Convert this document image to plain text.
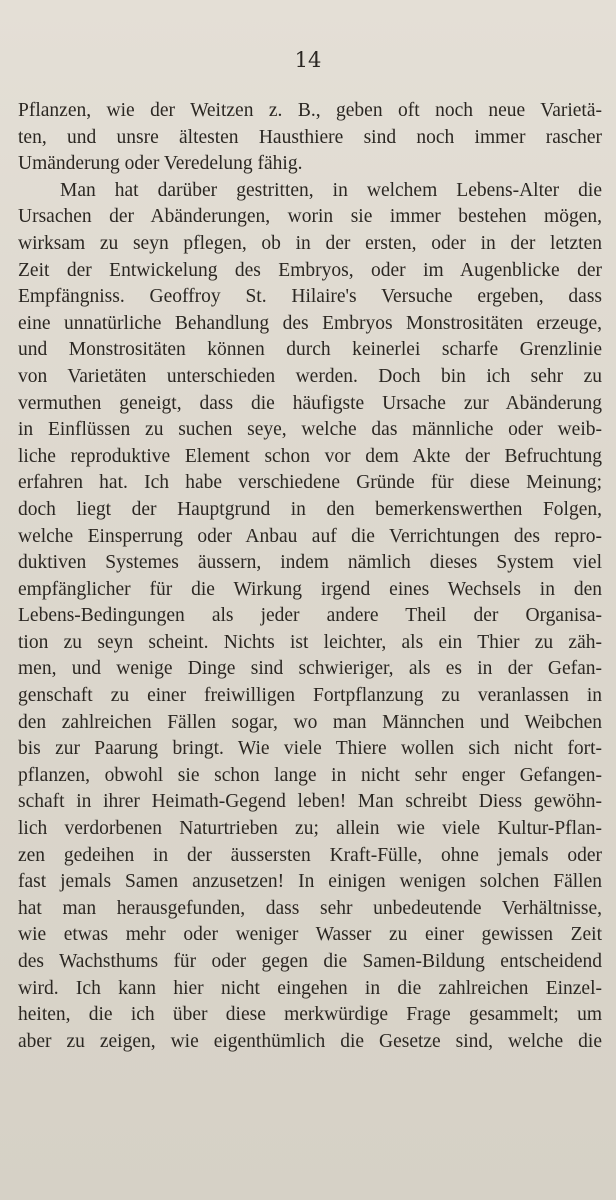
14
Pflanzen, wie der Weitzen z. B., geben oft noch neue Varietä-
ten, und unsre ältesten Hausthiere sind noch immer rascher
Umänderung oder Veredelung fähig.
Man hat darüber gestritten, in welchem Lebens-Alter die
Ursachen der Abänderungen, worin sie immer bestehen mögen,
wirksam zu seyn pflegen, ob in der ersten, oder in der letzten
Zeit der Entwickelung des Embryos, oder im Augenblicke der
Empfängniss. Geoffroy St. Hilaire's Versuche ergeben, dass
eine unnatürliche Behandlung des Embryos Monstrositäten erzeuge,
und Monstrositäten können durch keinerlei scharfe Grenzlinie
von Varietäten unterschieden werden. Doch bin ich sehr zu
vermuthen geneigt, dass die häufigste Ursache zur Abänderung
in Einflüssen zu suchen seye, welche das männliche oder weib-
liche reproduktive Element schon vor dem Akte der Befruchtung
erfahren hat. Ich habe verschiedene Gründe für diese Meinung;
doch liegt der Hauptgrund in den bemerkenswerthen Folgen,
welche Einsperrung oder Anbau auf die Verrichtungen des repro-
duktiven Systemes äussern, indem nämlich dieses System viel
empfänglicher für die Wirkung irgend eines Wechsels in den
Lebens-Bedingungen als jeder andere Theil der Organisa-
tion zu seyn scheint. Nichts ist leichter, als ein Thier zu zäh-
men, und wenige Dinge sind schwieriger, als es in der Gefan-
genschaft zu einer freiwilligen Fortpflanzung zu veranlassen in
den zahlreichen Fällen sogar, wo man Männchen und Weibchen
bis zur Paarung bringt. Wie viele Thiere wollen sich nicht fort-
pflanzen, obwohl sie schon lange in nicht sehr enger Gefangen-
schaft in ihrer Heimath-Gegend leben! Man schreibt Diess gewöhn-
lich verdorbenen Naturtrieben zu; allein wie viele Kultur-Pflan-
zen gedeihen in der äussersten Kraft-Fülle, ohne jemals oder
fast jemals Samen anzusetzen! In einigen wenigen solchen Fällen
hat man herausgefunden, dass sehr unbedeutende Verhältnisse,
wie etwas mehr oder weniger Wasser zu einer gewissen Zeit
des Wachsthums für oder gegen die Samen-Bildung entscheidend
wird. Ich kann hier nicht eingehen in die zahlreichen Einzel-
heiten, die ich über diese merkwürdige Frage gesammelt; um
aber zu zeigen, wie eigenthümlich die Gesetze sind, welche die
